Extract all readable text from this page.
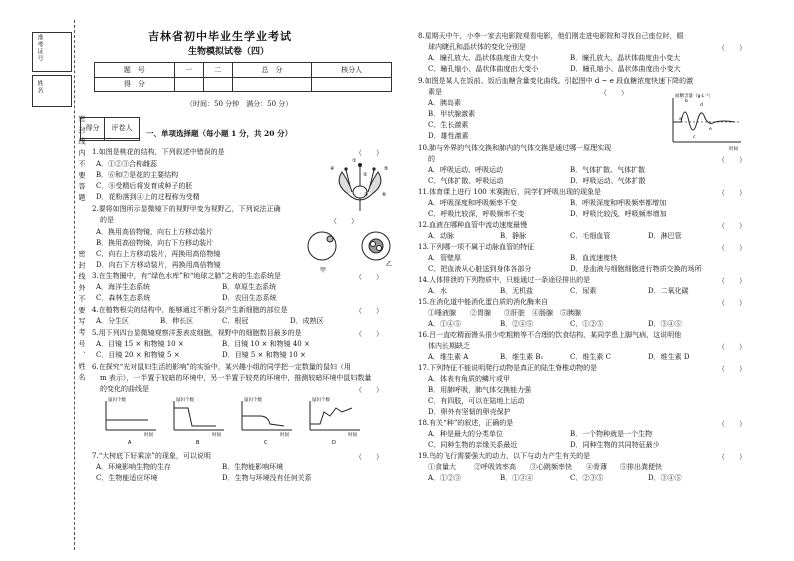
准考证号
姓名
密 封 线 内 不 要 答 题
密 封 线 外 不 要 写 考 号 、 姓 名
吉林省初中毕业生学业考试
生物模拟试卷（四）
题　号	一	二	总　分	核分人
得　分				
（时间：50 分钟　满分：50 分）
得分	评卷人

一、单项选择题（每小题 1 分，共 20 分）
1.如图是桃花的结构，下列叙述中错误的是	（　　）
A．①②③合称雌蕊
B．⑥和⑦是花的主要结构
C．⑧受精后将发育成种子的胚
D．花粉落到④上的过程称为受精
①
②
③
④	⑤
⑥
2.要将如图所示显微镜下的视野甲变为视野乙，下列说法正确
的是	（　　）
A．换用高倍物镜，向右上方移动装片
B．换用高倍物镜，向右下方移动装片
C．向右上方移动装片，再换用高倍物镜
D．向右下方移动装片，再换用高倍物镜
甲
乙
3.在生物圈中，有“绿色水库”和“地球之肺”之称的生态系统是	（　　）
A．海洋生态系统	B．草原生态系统
C．森林生态系统	D．农田生态系统
4.在植物根尖的结构中，能够通过不断分裂产生新细胞的部位是	（　　）
A．分生区	B．伸长区	C．根冠	D．成熟区
5.用下列四台显微镜观察洋葱表皮细胞，视野中的细胞数目最多的是	（　　）
A．目镜 15 × 和物镜 10 ×	B．目镜 10 × 和物镜 40 ×
C．目镜 20 × 和物镜 5 ×	D．目镜 5 × 和物镜 10 ×
6.在探究“光对鼠妇生活的影响”的实验中，某兴趣小组的同学把一定数量的鼠妇（用
m 表示），一半置于较暗的环境中，另一半置于较亮的环境中，推测较暗环境中鼠妇数量
的变化的曲线是	（　　）
鼠妇个数
时间
A
鼠妇个数
时间
B
鼠妇个数
时间
C
鼠妇个数
时间
D
7.“大树底下好乘凉”的现象，可以说明	（　　）
A．环境影响生物的生存	B．生物能影响环境
C．生物能适应环境	D．生物与环境没有任何关系
8.星期天中午，小李一家去电影院观看电影，他们刚走进电影院和寻找自己座位时，眼
球内睫孔和晶状体的变化分别是	（　　）
A．瞳孔放大、晶状体曲度由大变小	B．瞳孔放大、晶状体曲度由小变大
C．瞳孔缩小、晶状体曲度由大变小	D．瞳孔缩小、晶状体曲度由小变大
9.如图是某人在饭前、饭后血糖含量变化曲线。引起图中 d ~ e 段血糖浓度快速下降的激
素是	（　　）
A．胰岛素
B．甲状腺激素
C．生长激素
D．雄性激素
血糖含量（g·L⁻¹）
a
b
c
d
e
时间
10.肺与外界的气体交换和肺内的气体交换是通过哪一原理实现
的	（　　）
A．呼吸运动、呼吸运动	B．气体扩散、气体扩散
C．气体扩散、呼吸运动	D．呼吸运动、气体扩散
11.体育课上进行 100 米赛跑后，同学们呼吸出现的现象是	（　　）
A．呼吸深度和呼吸频率不变	B．呼吸深度和呼吸频率都增加
C．呼吸比较深，呼吸频率不变	D．呼吸比较浅，呼吸频率增加
12.血液在哪种血管中流动速度最慢	（　　）
A．动脉	B．静脉	C．毛细血管	D．淋巴管
13.下列哪一项不属于动脉血管的特征	（　　）
A．管壁厚	B．血流速度快
C．把血液从心脏送到身体各部分	D．是血液与细胞细胞进行物质交换的场所
14.人体排泄的下列物质中，只能通过一条途径排出的是	（　　）
A．水	B．无机盐	C．尿素	D．二氧化碳
15.在消化道中能消化蛋白质的消化酶来自	（　　）
①唾液腺 ②胃腺 ③肝脏 ④肠腺 ⑤胰腺
A．①④⑤	B．②④⑤	C．①②⑤	D．③④⑤
16.吕一直吃精面馒头很少吃粗粮等不合理的饮食结构，某同学患上脚气病，这说明他
体内长期缺乏	（　　）
A．维生素 A	B．维生素 B₁	C．维生素 C	D．维生素 D
17.下列特征不能说明爬行动物是真正的陆生脊椎动物的是	（　　）
A．体表有角质的鳞片或甲
B．用肺呼吸，肺气体交换能力强
C．有四肢，可以在陆地上运动
D．卵外有坚韧的卵壳保护
18.有关“种”的叙述，正确的是	（　　）
A．种是最大的分类单位	B．一个物种就是一个生物
C．同种生物的亲缘关系最近	D．同种生物的共同特征最少
19.鸟的飞行需要强大的动力，以下与动力产生有关的是	（　　）
①食量大	②呼吸效率高 ③心跳频率快 ④骨薄 ⑤排出粪便快
A．①②③	B．①③④	C．②③⑤	D．③④⑤
